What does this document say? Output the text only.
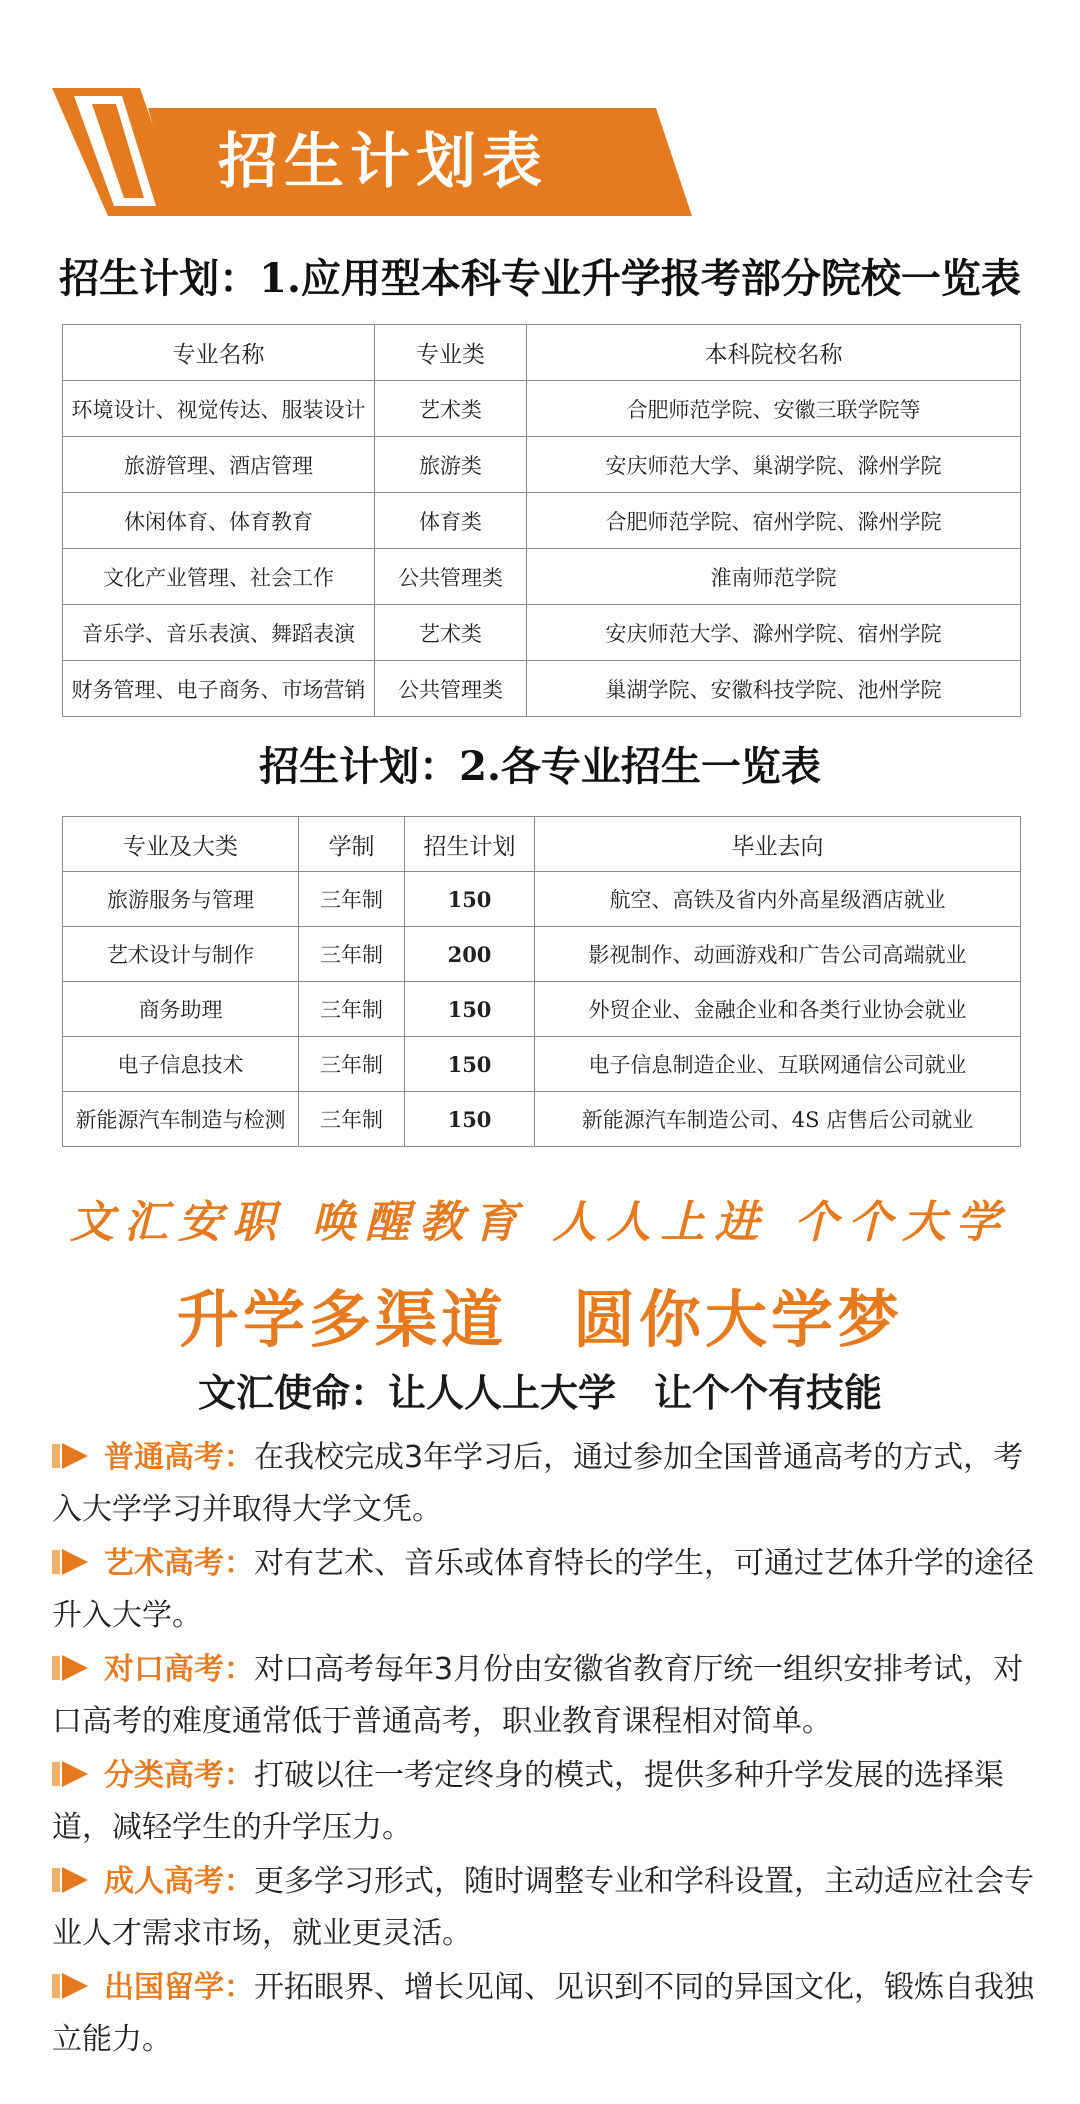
招生计划表
招生计划：1.应用型本科专业升学报考部分院校一览表
专业名称	专业类	本科院校名称
环境设计、视觉传达、服装设计	艺术类	合肥师范学院、安徽三联学院等
旅游管理、酒店管理	旅游类	安庆师范大学、巢湖学院、滁州学院
休闲体育、体育教育	体育类	合肥师范学院、宿州学院、滁州学院
文化产业管理、社会工作	公共管理类	淮南师范学院
音乐学、音乐表演、舞蹈表演	艺术类	安庆师范大学、滁州学院、宿州学院
财务管理、电子商务、市场营销	公共管理类	巢湖学院、安徽科技学院、池州学院
招生计划：2.各专业招生一览表
专业及大类	学制	招生计划	毕业去向
旅游服务与管理	三年制	150	航空、高铁及省内外高星级酒店就业
艺术设计与制作	三年制	200	影视制作、动画游戏和广告公司高端就业
商务助理	三年制	150	外贸企业、金融企业和各类行业协会就业
电子信息技术	三年制	150	电子信息制造企业、互联网通信公司就业
新能源汽车制造与检测	三年制	150	新能源汽车制造公司、4S 店售后公司就业
文汇安职 唤醒教育 人人上进 个个大学
升学多渠道　圆你大学梦
文汇使命：让人人上大学　让个个有技能
普通高考：在我校完成3年学习后，通过参加全国普通高考的方式，考入大学学习并取得大学文凭。
艺术高考：对有艺术、音乐或体育特长的学生，可通过艺体升学的途径升入大学。
对口高考：对口高考每年3月份由安徽省教育厅统一组织安排考试，对口高考的难度通常低于普通高考，职业教育课程相对简单。
分类高考：打破以往一考定终身的模式，提供多种升学发展的选择渠道，减轻学生的升学压力。
成人高考：更多学习形式，随时调整专业和学科设置，主动适应社会专业人才需求市场，就业更灵活。
出国留学：开拓眼界、增长见闻、见识到不同的异国文化，锻炼自我独立能力。
